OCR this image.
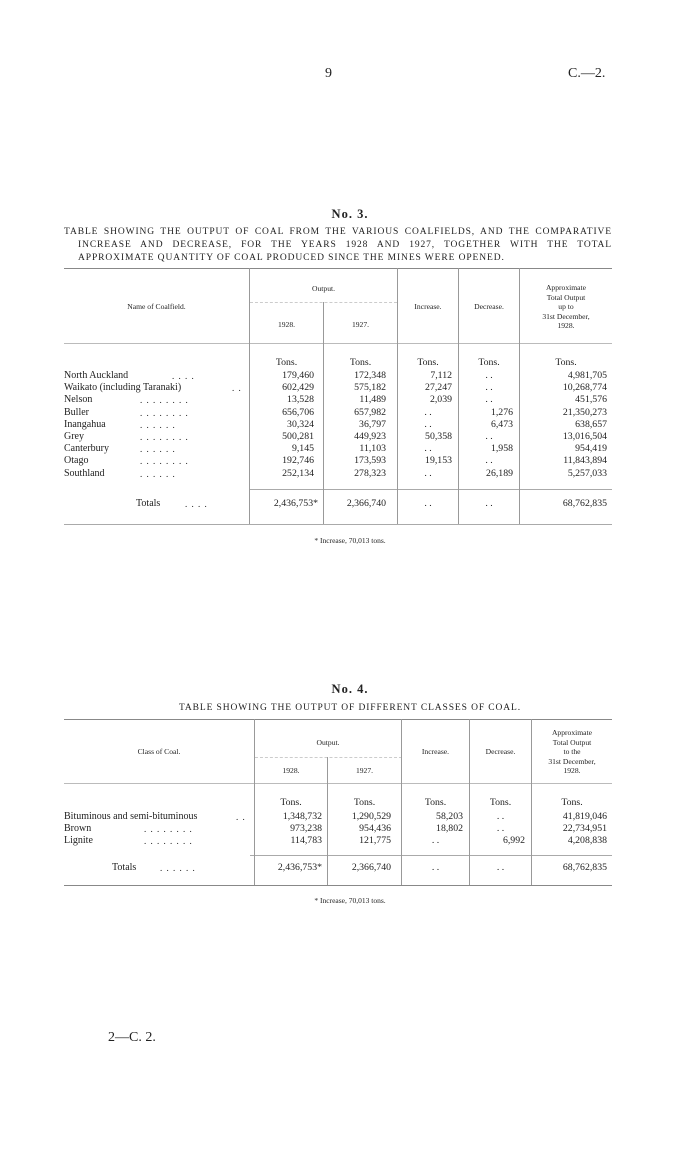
9	C.—2.
No. 3.
TABLE SHOWING THE OUTPUT OF COAL FROM THE VARIOUS COALFIELDS, AND THE COMPARATIVE
INCREASE AND DECREASE, FOR THE YEARS 1928 AND 1927, TOGETHER WITH THE TOTAL
APPROXIMATE QUANTITY OF COAL PRODUCED SINCE THE MINES WERE OPENED.
Name of Coalfield.
Output.
1928.	1927.
Increase.	Decrease.
Approximate
Total Output
up to
31st December,
1928.
Tons.	Tons.	Tons.	Tons.	Tons.
North Auckland	. . . .	179,460	172,348	7,112	. .	4,981,705
Waikato (including Taranaki)	. .	602,429	575,182	27,247	. .	10,268,774
Nelson	. . . . . . . .	13,528	11,489	2,039	. .	451,576
Buller	. . . . . . . .	656,706	657,982	. .	1,276	21,350,273
Inangahua	. . . . . .	30,324	36,797	. .	6,473	638,657
Grey	. . . . . . . .	500,281	449,923	50,358	. .	13,016,504
Canterbury	. . . . . .	9,145	11,103	. .	1,958	954,419
Otago	. . . . . . . .	192,746	173,593	19,153	. .	11,843,894
Southland	. . . . . .	252,134	278,323	. .	26,189	5,257,033
Totals	. . . .	2,436,753*	2,366,740	. .	. .	68,762,835
* Increase, 70,013 tons.
No. 4.
TABLE SHOWING THE OUTPUT OF DIFFERENT CLASSES OF COAL.
Class of Coal.
Output.
1928.	1927.
Increase.	Decrease.
Approximate
Total Output
to the
31st December,
1928.
Tons.	Tons.	Tons.	Tons.	Tons.
Bituminous and semi-bituminous	. .	1,348,732	1,290,529	58,203	. .	41,819,046
Brown	. . . . . . . .	973,238	954,436	18,802	. .	22,734,951
Lignite	. . . . . . . .	114,783	121,775	. .	6,992	4,208,838
Totals	. . . . . .	2,436,753*	2,366,740	. .	. .	68,762,835
* Increase, 70,013 tons.
2—C. 2.
